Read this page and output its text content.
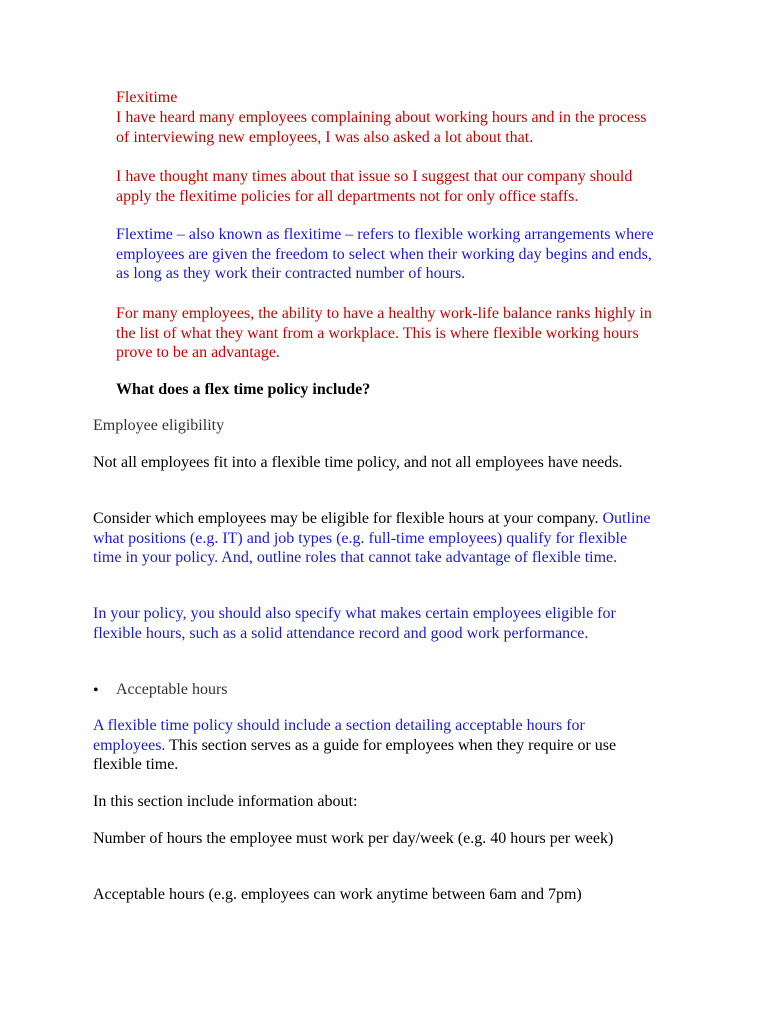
Flexitime
I have heard many employees complaining about working hours and in the process of interviewing new employees, I was also asked a lot about that.
I have thought many times about that issue so I suggest that our company should apply the flexitime policies for all departments not for only office staffs.
Flextime – also known as flexitime – refers to flexible working arrangements where employees are given the freedom to select when their working day begins and ends, as long as they work their contracted number of hours.
For many employees, the ability to have a healthy work-life balance ranks highly in the list of what they want from a workplace. This is where flexible working hours prove to be an advantage.
What does a flex time policy include?
Employee eligibility
Not all employees fit into a flexible time policy, and not all employees have needs.
Consider which employees may be eligible for flexible hours at your company. Outline what positions (e.g. IT) and job types (e.g. full-time employees) qualify for flexible time in your policy. And, outline roles that cannot take advantage of flexible time.
In your policy, you should also specify what makes certain employees eligible for flexible hours, such as a solid attendance record and good work performance.
• Acceptable hours
A flexible time policy should include a section detailing acceptable hours for employees. This section serves as a guide for employees when they require or use flexible time.
In this section include information about:
Number of hours the employee must work per day/week (e.g. 40 hours per week)
Acceptable hours (e.g. employees can work anytime between 6am and 7pm)
